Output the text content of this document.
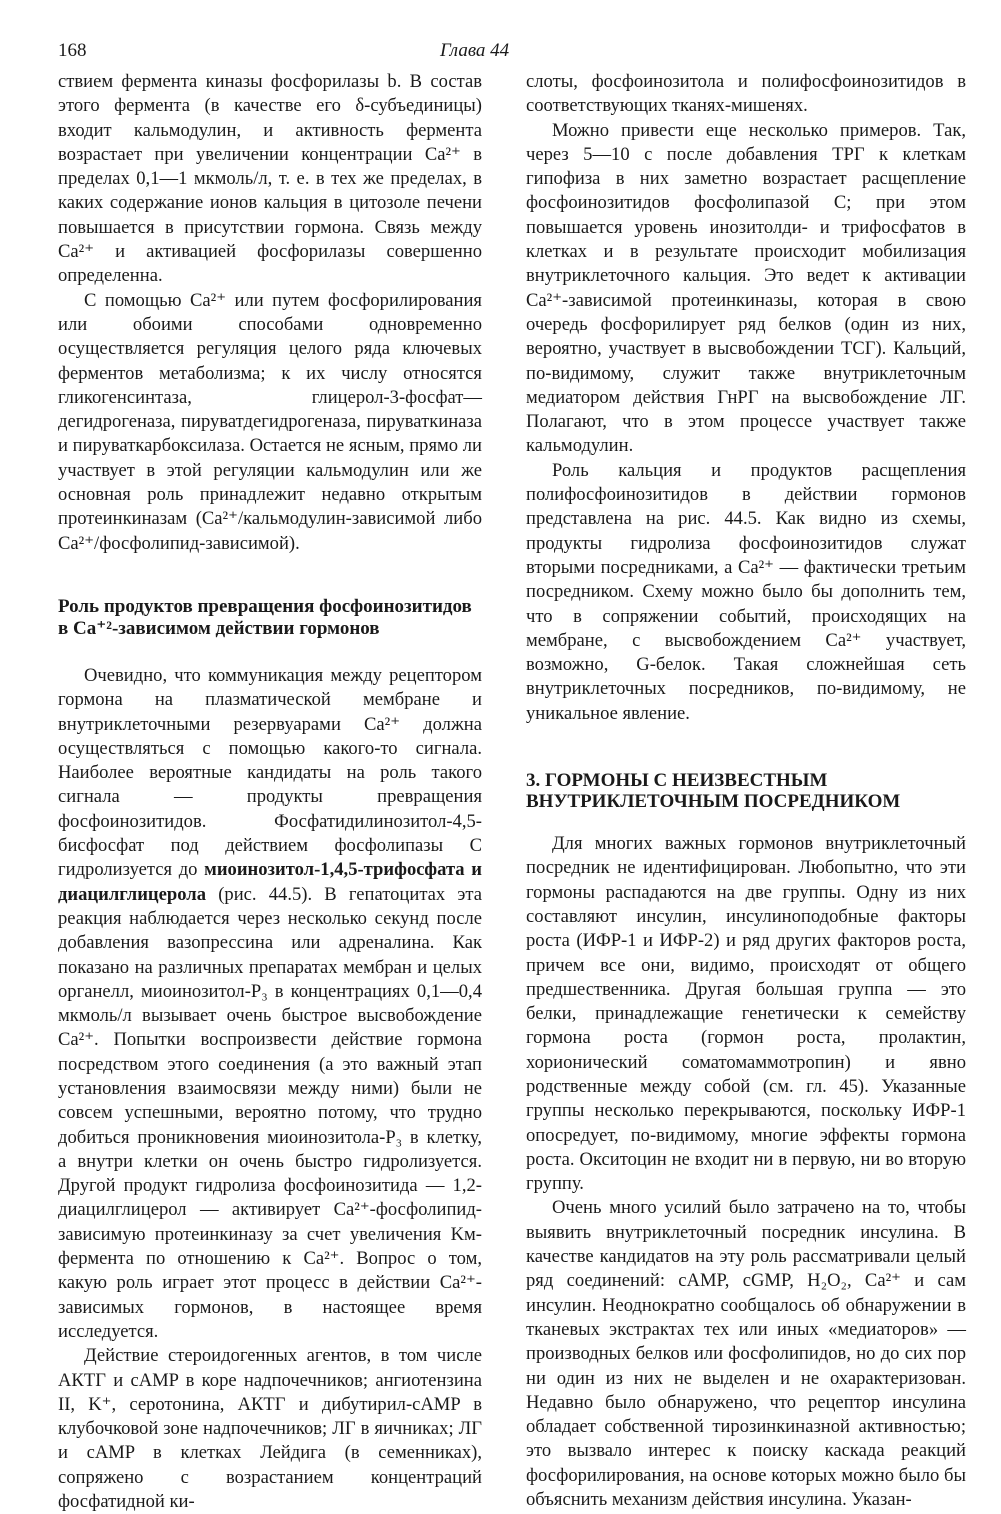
168	Глава 44

ствием фермента киназы фосфорилазы b. В состав этого фермента (в качестве его δ-субъединицы) входит кальмодулин, и активность фермента возрастает при увеличении концентрации Ca²⁺ в пределах 0,1—1 мкмоль/л, т. е. в тех же пределах, в каких содержание ионов кальция в цитозоле печени повышается в присутствии гормона. Связь между Ca²⁺ и активацией фосфорилазы совершенно определенна.

С помощью Ca²⁺ или путем фосфорилирования или обоими способами одновременно осуществляется регуляция целого ряда ключевых ферментов метаболизма; к их числу относятся гликогенсинтаза, глицерол-3-фосфат—дегидрогеназа, пируватдегидрогеназа, пируваткиназа и пируваткарбоксилаза. Остается не ясным, прямо ли участвует в этой регуляции кальмодулин или же основная роль принадлежит недавно открытым протеинкиназам (Ca²⁺/кальмодулин-зависимой либо Ca²⁺/фосфолипид-зависимой).

Роль продуктов превращения фосфоинозитидов в Ca⁺²-зависимом действии гормонов

Очевидно, что коммуникация между рецептором гормона на плазматической мембране и внутриклеточными резервуарами Ca²⁺ должна осуществляться с помощью какого-то сигнала. Наиболее вероятные кандидаты на роль такого сигнала — продукты превращения фосфоинозитидов. Фосфатидилинозитол-4,5-бисфосфат под действием фосфолипазы С гидролизуется до миоинозитол-1,4,5-трифосфата и диацилглицерола (рис. 44.5). В гепатоцитах эта реакция наблюдается через несколько секунд после добавления вазопрессина или адреналина. Как показано на различных препаратах мембран и целых органелл, миоинозитол-P₃ в концентрациях 0,1—0,4 мкмоль/л вызывает очень быстрое высвобождение Ca²⁺. Попытки воспроизвести действие гормона посредством этого соединения (а это важный этап установления взаимосвязи между ними) были не совсем успешными, вероятно потому, что трудно добиться проникновения миоинозитола-P₃ в клетку, а внутри клетки он очень быстро гидролизуется. Другой продукт гидролиза фосфоинозитида — 1,2-диацилглицерол — активирует Ca²⁺-фосфолипид-зависимую протеинкиназу за счет увеличения Kм-фермента по отношению к Ca²⁺. Вопрос о том, какую роль играет этот процесс в действии Ca²⁺-зависимых гормонов, в настоящее время исследуется.

Действие стероидогенных агентов, в том числе АКТГ и cAMP в коре надпочечников; ангиотензина II, K⁺, серотонина, АКТГ и дибутирил-cAMP в клубочковой зоне надпочечников; ЛГ в яичниках; ЛГ и cAMP в клетках Лейдига (в семенниках), сопряжено с возрастанием концентраций фосфатидной ки-

слоты, фосфоинозитола и полифосфоинозитидов в соответствующих тканях-мишенях.

Можно привести еще несколько примеров. Так, через 5—10 с после добавления ТРГ к клеткам гипофиза в них заметно возрастает расщепление фосфоинозитидов фосфолипазой С; при этом повышается уровень инозитолди- и трифосфатов в клетках и в результате происходит мобилизация внутриклеточного кальция. Это ведет к активации Ca²⁺-зависимой протеинкиназы, которая в свою очередь фосфорилирует ряд белков (один из них, вероятно, участвует в высвобождении ТСГ). Кальций, по-видимому, служит также внутриклеточным медиатором действия ГнРГ на высвобождение ЛГ. Полагают, что в этом процессе участвует также кальмодулин.

Роль кальция и продуктов расщепления полифосфоинозитидов в действии гормонов представлена на рис. 44.5. Как видно из схемы, продукты гидролиза фосфоинозитидов служат вторыми посредниками, а Ca²⁺ — фактически третьим посредником. Схему можно было бы дополнить тем, что в сопряжении событий, происходящих на мембране, с высвобождением Ca²⁺ участвует, возможно, G-белок. Такая сложнейшая сеть внутриклеточных посредников, по-видимому, не уникальное явление.

3. ГОРМОНЫ С НЕИЗВЕСТНЫМ ВНУТРИКЛЕТОЧНЫМ ПОСРЕДНИКОМ

Для многих важных гормонов внутриклеточный посредник не идентифицирован. Любопытно, что эти гормоны распадаются на две группы. Одну из них составляют инсулин, инсулиноподобные факторы роста (ИФР-1 и ИФР-2) и ряд других факторов роста, причем все они, видимо, происходят от общего предшественника. Другая большая группа — это белки, принадлежащие генетически к семейству гормона роста (гормон роста, пролактин, хорионический соматомаммотропин) и явно родственные между собой (см. гл. 45). Указанные группы несколько перекрываются, поскольку ИФР-1 опосредует, по-видимому, многие эффекты гормона роста. Окситоцин не входит ни в первую, ни во вторую группу.

Очень много усилий было затрачено на то, чтобы выявить внутриклеточный посредник инсулина. В качестве кандидатов на эту роль рассматривали целый ряд соединений: cAMP, cGMP, H₂O₂, Ca²⁺ и сам инсулин. Неоднократно сообщалось об обнаружении в тканевых экстрактах тех или иных «медиаторов» — производных белков или фосфолипидов, но до сих пор ни один из них не выделен и не охарактеризован. Недавно было обнаружено, что рецептор инсулина обладает собственной тирозинкиназной активностью; это вызвало интерес к поиску каскада реакций фосфорилирования, на основе которых можно было бы объяснить механизм действия инсулина. Указан-
